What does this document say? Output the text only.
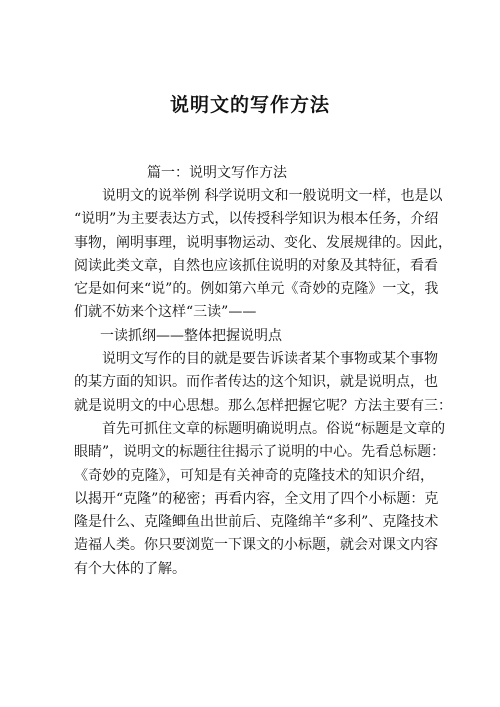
说明文的写作方法

篇一：说明文写作方法

说明文的说举例 科学说明文和一般说明文一样，也是以
“说明”为主要表达方式，以传授科学知识为根本任务，介绍
事物，阐明事理，说明事物运动、变化、发展规律的。因此，
阅读此类文章，自然也应该抓住说明的对象及其特征，看看
它是如何来“说”的。例如第六单元《奇妙的克隆》一文，我
们就不妨来个这样“三读”——
一读抓纲——整体把握说明点
说明文写作的目的就是要告诉读者某个事物或某个事物
的某方面的知识。而作者传达的这个知识，就是说明点，也
就是说明文的中心思想。那么怎样把握它呢？方法主要有三：
首先可抓住文章的标题明确说明点。俗说“标题是文章的
眼睛”，说明文的标题往往揭示了说明的中心。先看总标题：
《奇妙的克隆》，可知是有关神奇的克隆技术的知识介绍，
以揭开“克隆”的秘密；再看内容，全文用了四个小标题：克
隆是什么、克隆鲫鱼出世前后、克隆绵羊“多利”、克隆技术
造福人类。你只要浏览一下课文的小标题，就会对课文内容
有个大体的了解。
